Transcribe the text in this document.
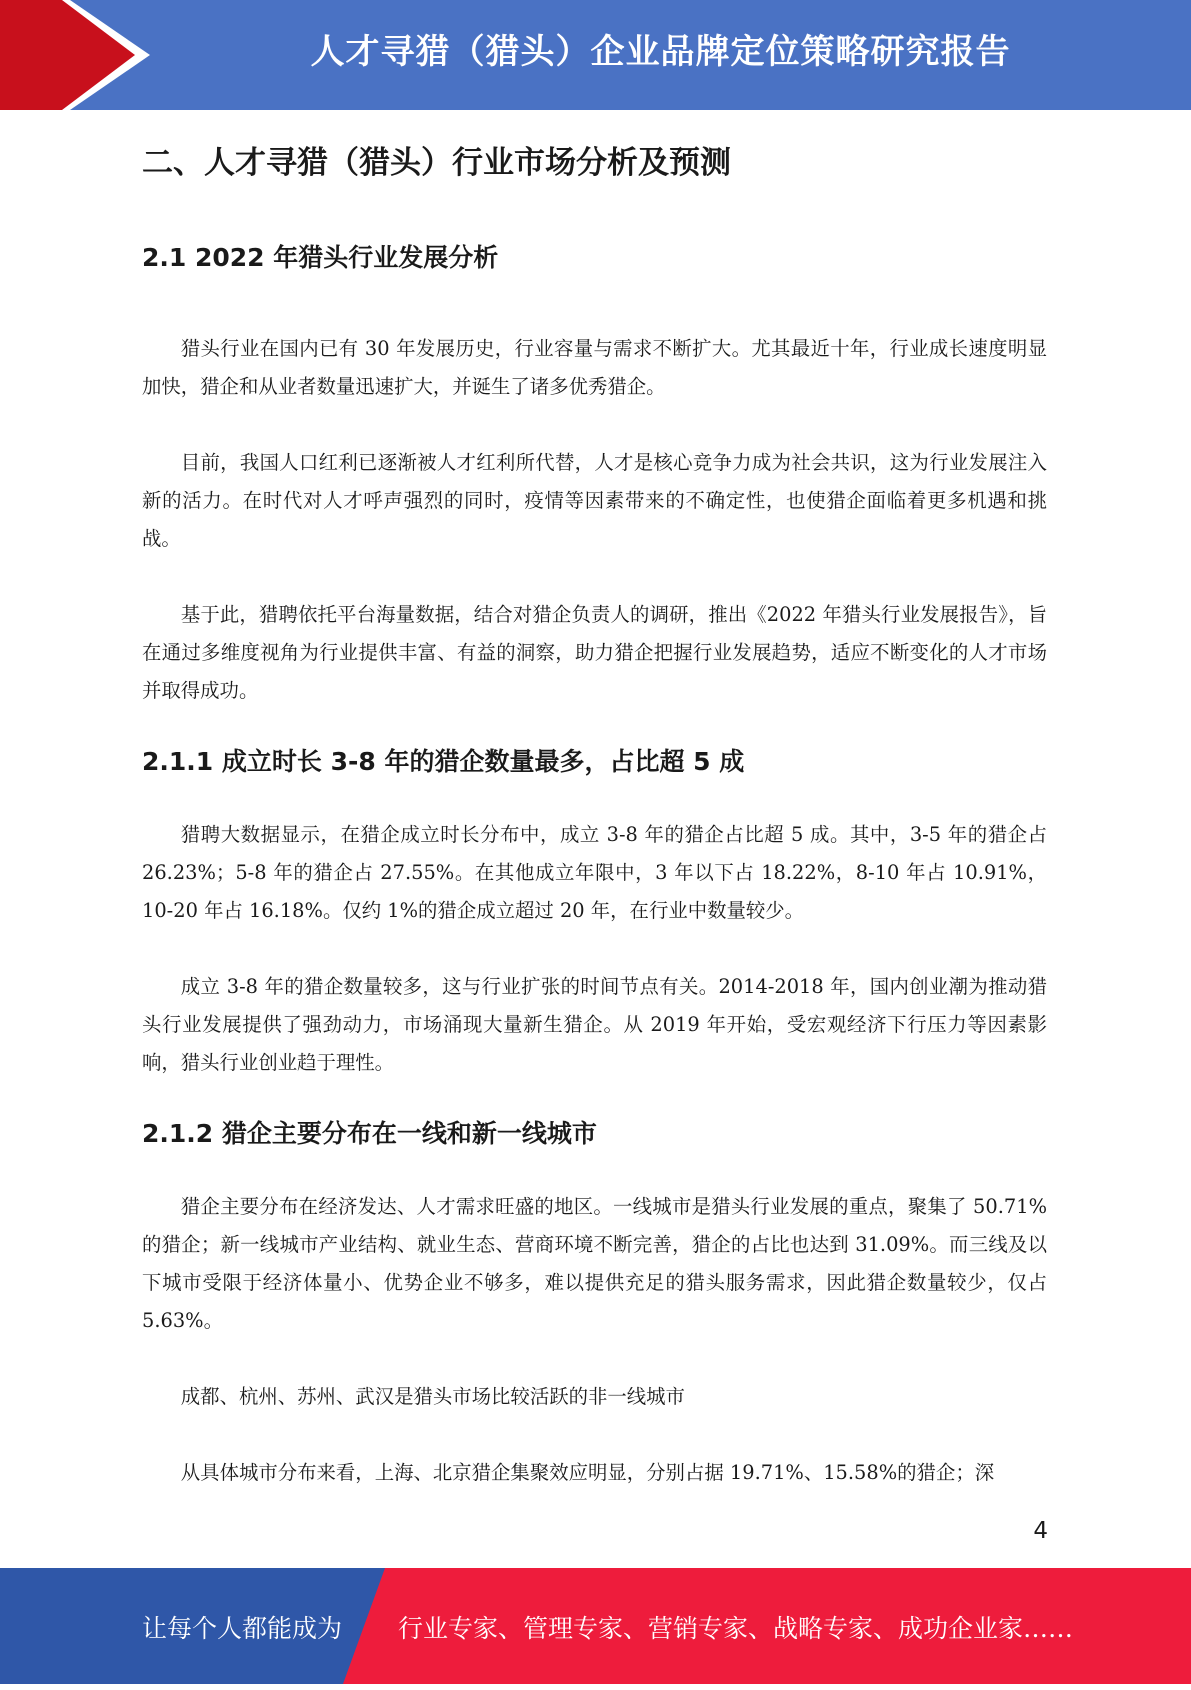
人才寻猎（猎头）企业品牌定位策略研究报告
二、人才寻猎（猎头）行业市场分析及预测
2.1 2022 年猎头行业发展分析

猎头行业在国内已有 30 年发展历史，行业容量与需求不断扩大。尤其最近十年，行业成长速度明显加快，猎企和从业者数量迅速扩大，并诞生了诸多优秀猎企。

目前，我国人口红利已逐渐被人才红利所代替，人才是核心竞争力成为社会共识，这为行业发展注入新的活力。在时代对人才呼声强烈的同时，疫情等因素带来的不确定性，也使猎企面临着更多机遇和挑战。

基于此，猎聘依托平台海量数据，结合对猎企负责人的调研，推出《2022 年猎头行业发展报告》，旨在通过多维度视角为行业提供丰富、有益的洞察，助力猎企把握行业发展趋势，适应不断变化的人才市场并取得成功。

2.1.1 成立时长 3-8 年的猎企数量最多，占比超 5 成

猎聘大数据显示，在猎企成立时长分布中，成立 3-8 年的猎企占比超 5 成。其中，3-5 年的猎企占 26.23%；5-8 年的猎企占 27.55%。在其他成立年限中，3 年以下占 18.22%，8-10 年占 10.91%，10-20 年占 16.18%。仅约 1%的猎企成立超过 20 年，在行业中数量较少。

成立 3-8 年的猎企数量较多，这与行业扩张的时间节点有关。2014-2018 年，国内创业潮为推动猎头行业发展提供了强劲动力，市场涌现大量新生猎企。从 2019 年开始，受宏观经济下行压力等因素影响，猎头行业创业趋于理性。

2.1.2 猎企主要分布在一线和新一线城市

猎企主要分布在经济发达、人才需求旺盛的地区。一线城市是猎头行业发展的重点，聚集了 50.71%的猎企；新一线城市产业结构、就业生态、营商环境不断完善，猎企的占比也达到 31.09%。而三线及以下城市受限于经济体量小、优势企业不够多，难以提供充足的猎头服务需求，因此猎企数量较少，仅占 5.63%。

成都、杭州、苏州、武汉是猎头市场比较活跃的非一线城市

从具体城市分布来看，上海、北京猎企集聚效应明显，分别占据 19.71%、15.58%的猎企；深

4
让每个人都能成为 行业专家、管理专家、营销专家、战略专家、成功企业家……
